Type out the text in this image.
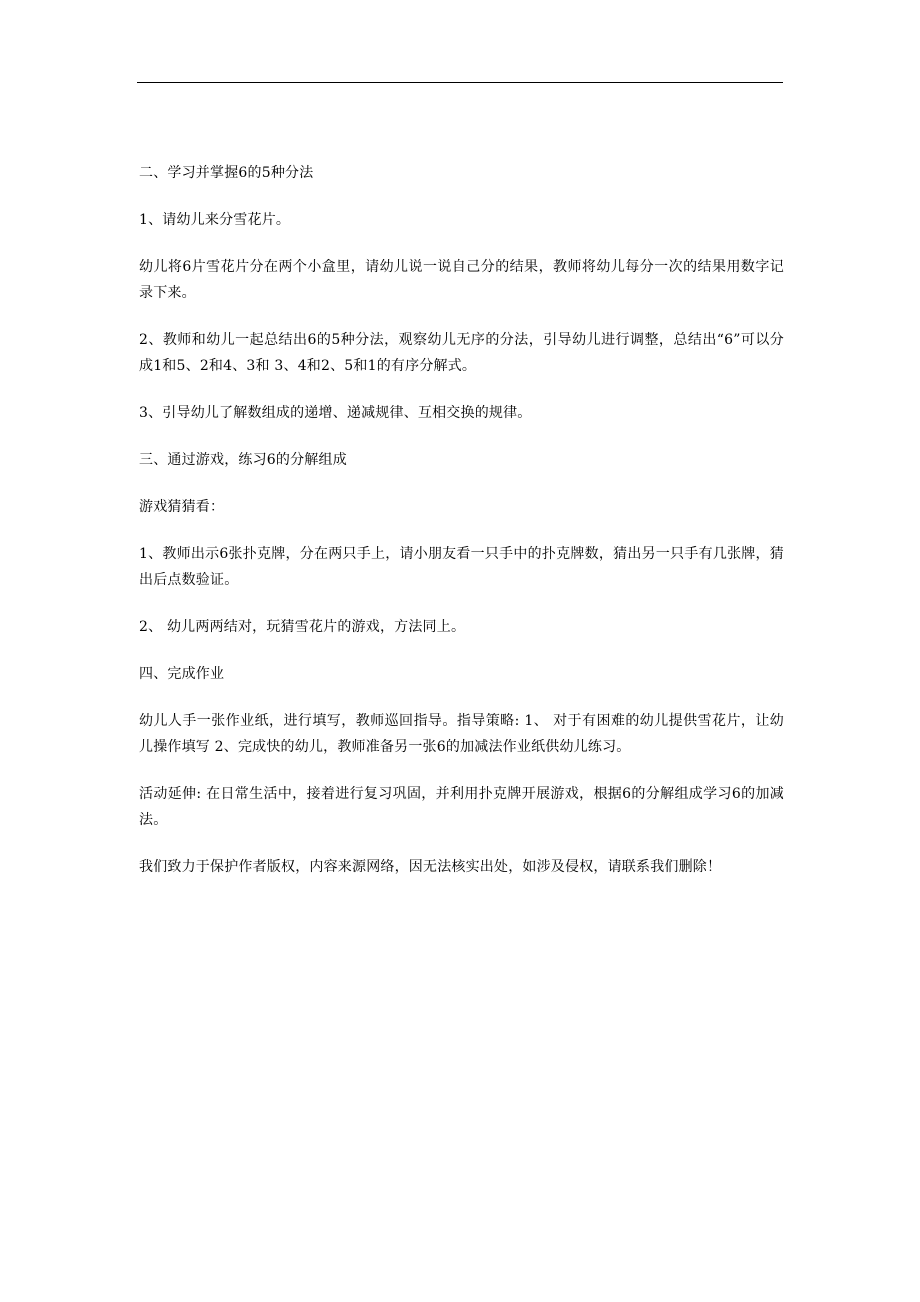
二、学习并掌握6的5种分法

1、请幼儿来分雪花片。

幼儿将6片雪花片分在两个小盒里，请幼儿说一说自己分的结果，教师将幼儿每分一次的结果用数字记录下来。

2、教师和幼儿一起总结出6的5种分法，观察幼儿无序的分法，引导幼儿进行调整，总结出“6”可以分成1和5、2和4、3和 3、4和2、5和1的有序分解式。

3、引导幼儿了解数组成的递增、递减规律、互相交换的规律。

三、通过游戏，练习6的分解组成

游戏猜猜看：

1、教师出示6张扑克牌，分在两只手上，请小朋友看一只手中的扑克牌数，猜出另一只手有几张牌，猜出后点数验证。

2、 幼儿两两结对，玩猜雪花片的游戏，方法同上。

四、完成作业

幼儿人手一张作业纸，进行填写，教师巡回指导。指导策略: 1、 对于有困难的幼儿提供雪花片，让幼儿操作填写 2、完成快的幼儿，教师准备另一张6的加减法作业纸供幼儿练习。

活动延伸: 在日常生活中，接着进行复习巩固，并利用扑克牌开展游戏，根据6的分解组成学习6的加减法。

我们致力于保护作者版权，内容来源网络，因无法核实出处，如涉及侵权，请联系我们删除！
